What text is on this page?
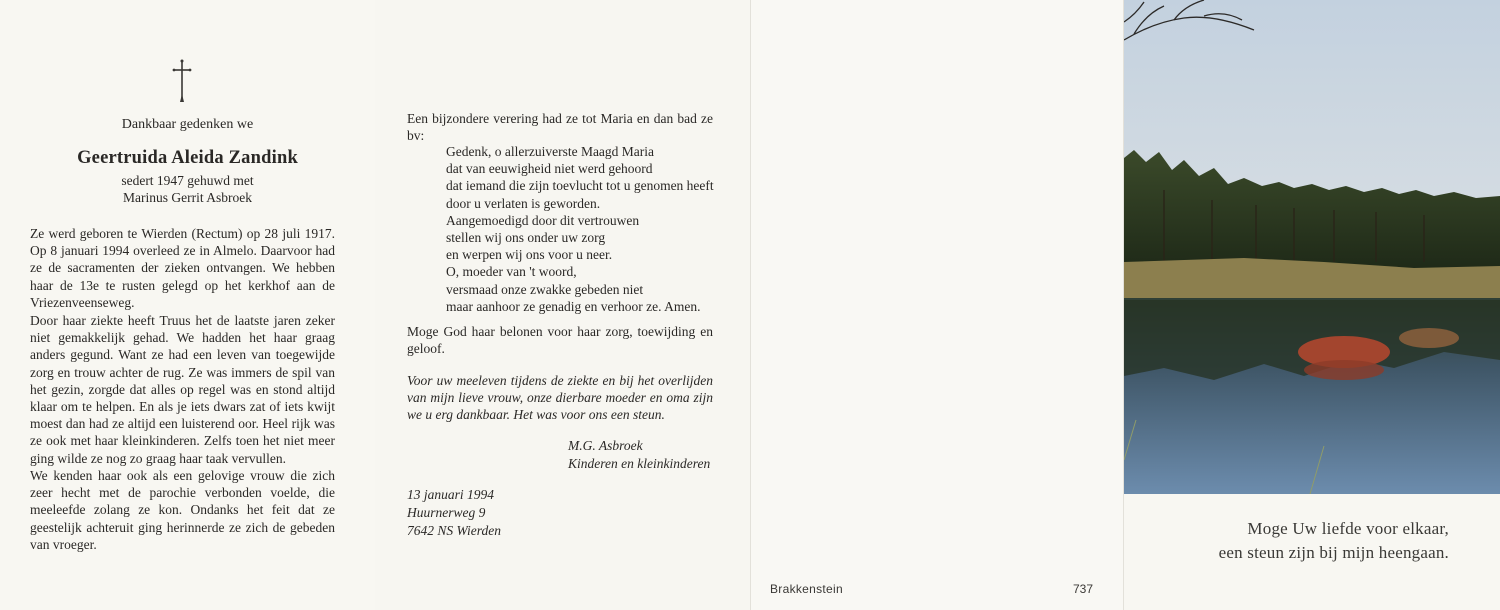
Dankbaar gedenken we
Geertruida Aleida Zandink
sedert 1947 gehuwd met
Marinus Gerrit Asbroek

Ze werd geboren te Wierden (Rectum) op 28 juli 1917. Op 8 januari 1994 overleed ze in Almelo. Daarvoor had ze de sacramenten der zieken ontvangen. We hebben haar de 13e te rusten gelegd op het kerkhof aan de Vriezenveenseweg.

Door haar ziekte heeft Truus het de laatste jaren zeker niet gemakkelijk gehad. We hadden het haar graag anders gegund. Want ze had een leven van toegewijde zorg en trouw achter de rug. Ze was immers de spil van het gezin, zorgde dat alles op regel was en stond altijd klaar om te helpen. En als je iets dwars zat of iets kwijt moest dan had ze altijd een luisterend oor. Heel rijk was ze ook met haar kleinkinderen. Zelfs toen het niet meer ging wilde ze nog zo graag haar taak vervullen.

We kenden haar ook als een gelovige vrouw die zich zeer hecht met de parochie verbonden voelde, die meeleefde zolang ze kon. Ondanks het feit dat ze geestelijk achteruit ging herinnerde ze zich de gebeden van vroeger.

Een bijzondere verering had ze tot Maria en dan bad ze bv:
Gedenk, o allerzuiverste Maagd Maria
dat van eeuwigheid niet werd gehoord
dat iemand die zijn toevlucht tot u genomen heeft
door u verlaten is geworden.
Aangemoedigd door dit vertrouwen
stellen wij ons onder uw zorg
en werpen wij ons voor u neer.
O, moeder van 't woord,
versmaad onze zwakke gebeden niet
maar aanhoor ze genadig en verhoor ze. Amen.
Moge God haar belonen voor haar zorg, toewijding en geloof.
Voor uw meeleven tijdens de ziekte en bij het overlijden van mijn lieve vrouw, onze dierbare moeder en oma zijn we u erg dankbaar. Het was voor ons een steun.
M.G. Asbroek
Kinderen en kleinkinderen
13 januari 1994
Huurnerweg 9
7642 NS Wierden
Brakkenstein	737
Moge Uw liefde voor elkaar,
een steun zijn bij mijn heengaan.
